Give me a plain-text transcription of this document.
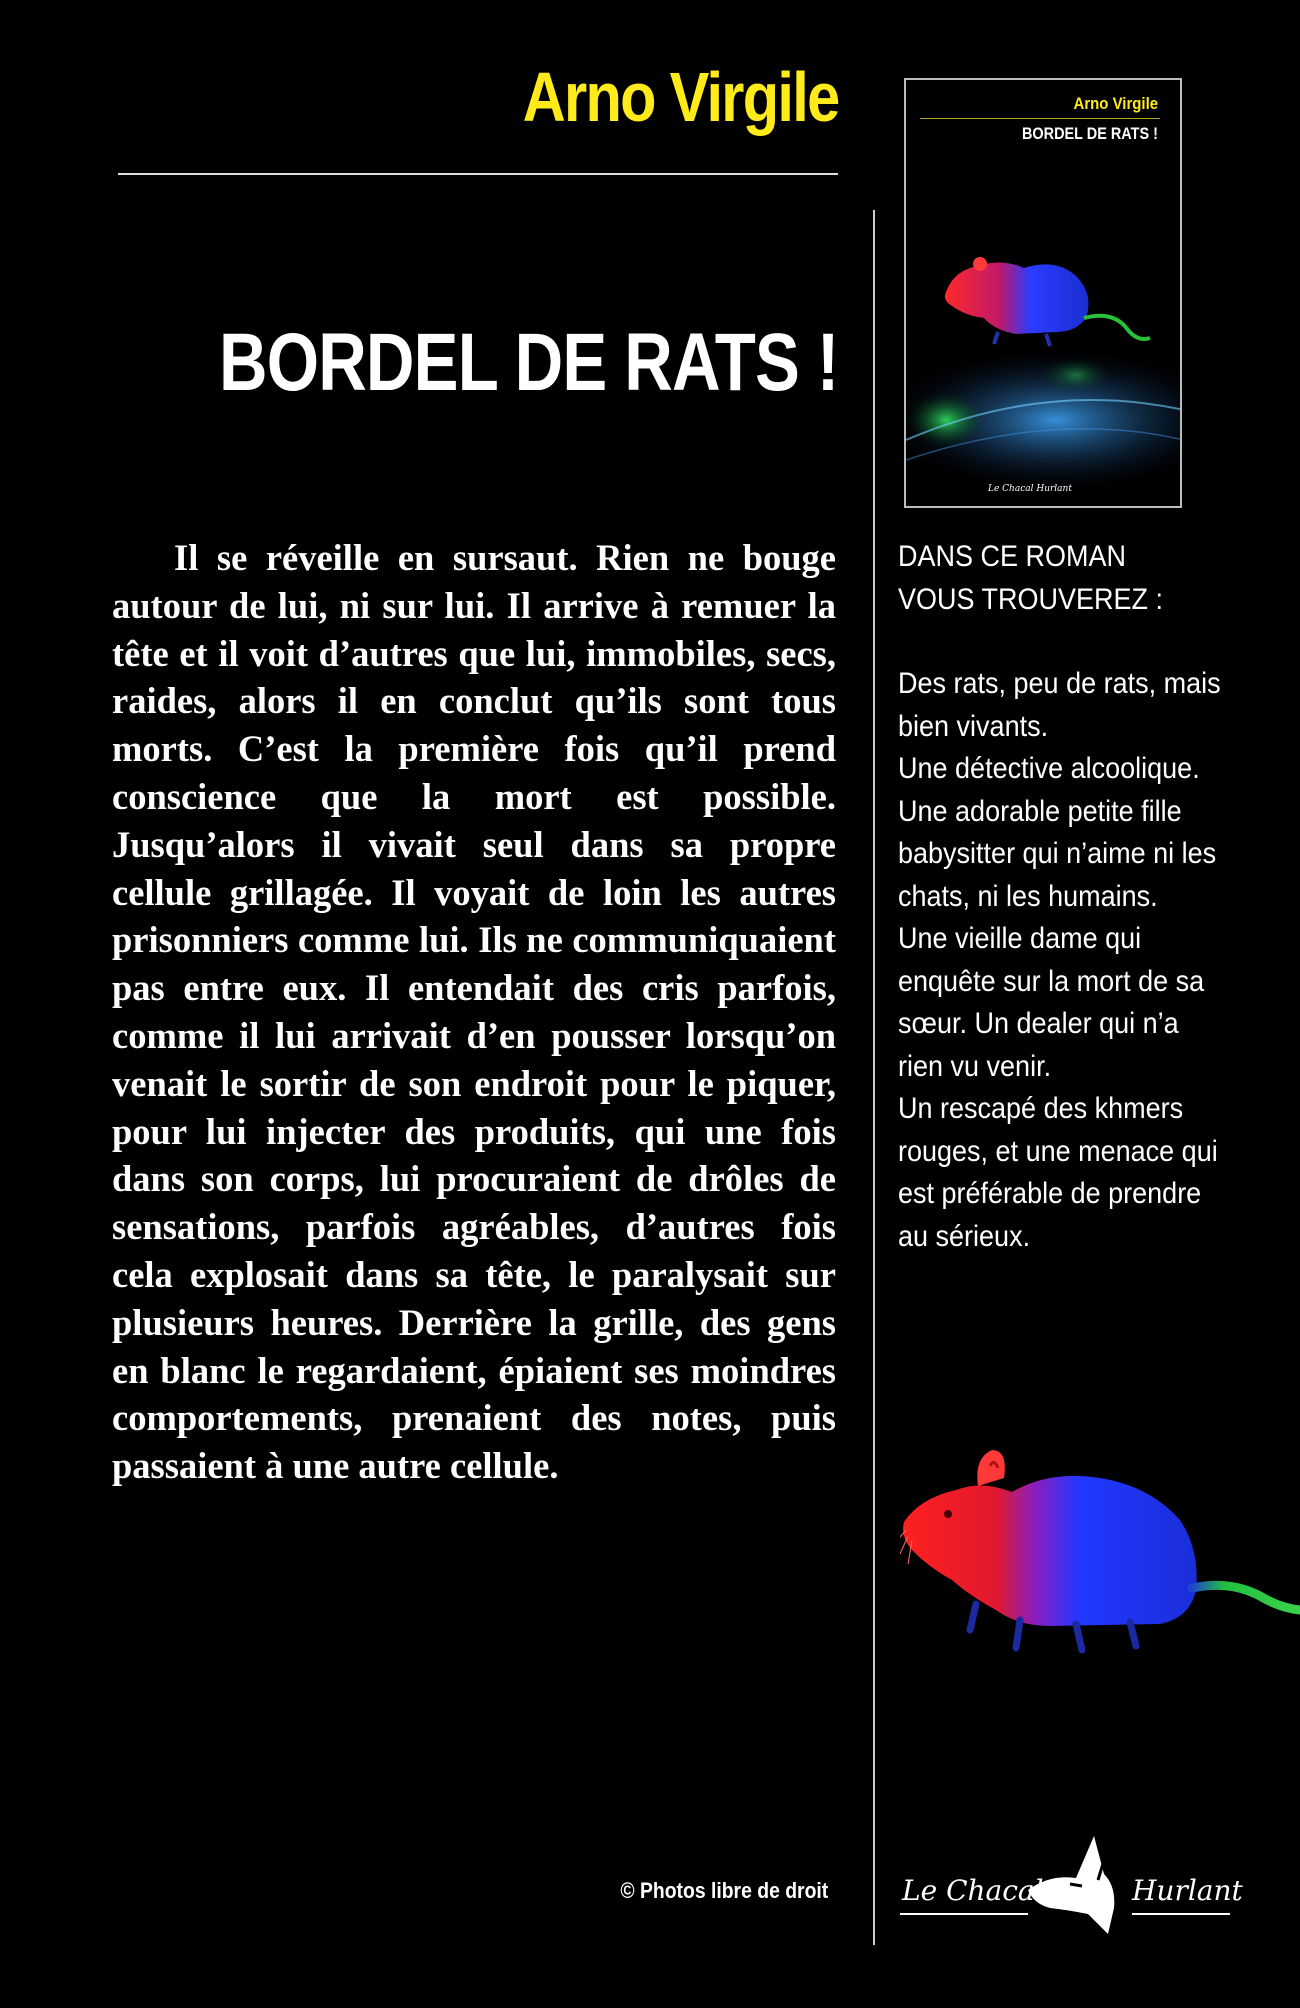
Arno Virgile
BORDEL DE RATS !
Il se réveille en sursaut. Rien ne bouge autour de lui, ni sur lui. Il arrive à remuer la tête et il voit d’autres que lui, immobiles, secs, raides, alors il en conclut qu’ils sont tous morts. C’est la première fois qu’il prend conscience que la mort est possible. Jusqu’alors il vivait seul dans sa propre cellule grillagée. Il voyait de loin les autres prisonniers comme lui. Ils ne communiquaient pas entre eux. Il entendait des cris parfois, comme il lui arrivait d’en pousser lorsqu’on venait le sortir de son endroit pour le piquer, pour lui injecter des produits, qui une fois dans son corps, lui procuraient de drôles de sensations, parfois agréables, d’autres fois cela explosait dans sa tête, le paralysait sur plusieurs heures. Derrière la grille, des gens en blanc le regardaient, épiaient ses moindres comportements, prenaient des notes, puis passaient à une autre cellule.
Arno Virgile
BORDEL DE RATS !
Le Chacal Hurlant

DANS CE ROMAN

VOUS TROUVEREZ :

Des rats, peu de rats, mais bien vivants.

Une détective alcoolique.

Une adorable petite fille babysitter qui n’aime ni les chats, ni les humains.

Une vieille dame qui enquête sur la mort de sa sœur. Un dealer qui n’a rien vu venir.

Un rescapé des khmers rouges, et une menace qui est préférable de prendre au sérieux.

© Photos libre de droit	Le Chacal	Hurlant
